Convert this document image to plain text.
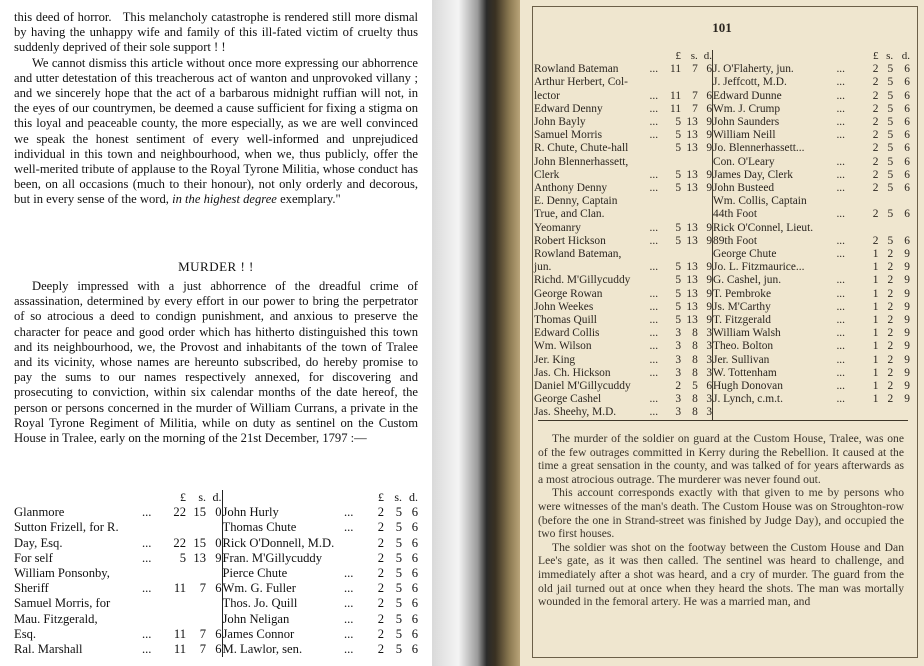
this deed of horror. This melancholy catastrophe is rendered still more dismal by having the unhappy wife and family of this ill-fated victim of cruelty thus suddenly deprived of their sole support ! !

We cannot dismiss this article without once more expressing our abhorrence and utter detestation of this treacherous act of wanton and unprovoked villany ; and we sincerely hope that the act of a barbarous midnight ruffian will not, in the eyes of our countrymen, be deemed a cause sufficient for fixing a stigma on this loyal and peaceable county, the more especially, as we are well convinced we speak the honest sentiment of every well-informed and unprejudiced individual in this town and neighbourhood, when we, thus publicly, offer the well-merited tribute of applause to the Royal Tyrone Militia, whose conduct has been, on all occasions (much to their honour), not only orderly and decorous, but in every sense of the word, in the highest degree exemplary."

MURDER ! !

Deeply impressed with a just abhorrence of the dreadful crime of assassination, determined by every effort in our power to bring the perpetrator of so atrocious a deed to condign punishment, and anxious to preserve the character for peace and good order which has hitherto distinguished this town and its neighbourhood, we, the Provost and inhabitants of the town of Tralee and its vicinity, whose names are hereunto subscribed, do hereby promise to pay the sums to our names respectively annexed, for discovering and prosecuting to conviction, within six calendar months of the date hereof, the person or persons concerned in the murder of William Currans, a private in the Royal Tyrone Regiment of Militia, while on duty as sentinel on the Custom House in Tralee, early on the morning of the 21st December, 1797 :—

		£	s.	d.			£	s.	d.
Glanmore	...	22	15	0	John Hurly	...	2	5	6
Sutton Frizell, for R.					Thomas Chute	...	2	5	6
Day, Esq.	...	22	15	0	Rick O'Donnell, M.D.		2	5	6
For self	...	5	13	9	Fran. M'Gillycuddy		2	5	6
William Ponsonby,					Pierce Chute	...	2	5	6
Sheriff	...	11	7	6	Wm. G. Fuller	...	2	5	6
Samuel Morris, for					Thos. Jo. Quill	...	2	5	6
Mau. Fitzgerald,					John Neligan	...	2	5	6
Esq.	...	11	7	6	James Connor	...	2	5	6
Ral. Marshall	...	11	7	6	M. Lawlor, sen.	...	2	5	6
101
		£	s.	d.			£	s.	d.
Rowland Bateman	...	11	7	6	J. O'Flaherty, jun.	...	2	5	6
Arthur Herbert, Col-					J. Jeffcott, M.D.	...	2	5	6
lector	...	11	7	6	Edward Dunne	...	2	5	6
Edward Denny	...	11	7	6	Wm. J. Crump	...	2	5	6
John Bayly	...	5	13	9	John Saunders	...	2	5	6
Samuel Morris	...	5	13	9	William Neill	...	2	5	6
R. Chute, Chute-hall		5	13	9	Jo. Blennerhassett...		2	5	6
John Blennerhassett,					Con. O'Leary	...	2	5	6
Clerk	...	5	13	9	James Day, Clerk	...	2	5	6
Anthony Denny	...	5	13	9	John Busteed	...	2	5	6
E. Denny, Captain					Wm. Collis, Captain				
True, and Clan.					44th Foot	...	2	5	6
Yeomanry	...	5	13	9	Rick O'Connel, Lieut.				
Robert Hickson	...	5	13	9	89th Foot	...	2	5	6
Rowland Bateman,					George Chute	...	1	2	9
jun.	...	5	13	9	Jo. L. Fitzmaurice...		1	2	9
Richd. M'Gillycuddy		5	13	9	G. Cashel, jun.	...	1	2	9
George Rowan	...	5	13	9	T. Pembroke	...	1	2	9
John Weekes	...	5	13	9	Js. M'Carthy	...	1	2	9
Thomas Quill	...	5	13	9	T. Fitzgerald	...	1	2	9
Edward Collis	...	3	8	3	William Walsh	...	1	2	9
Wm. Wilson	...	3	8	3	Theo. Bolton	...	1	2	9
Jer. King	...	3	8	3	Jer. Sullivan	...	1	2	9
Jas. Ch. Hickson	...	3	8	3	W. Tottenham	...	1	2	9
Daniel M'Gillycuddy		2	5	6	Hugh Donovan	...	1	2	9
George Cashel	...	3	8	3	J. Lynch, c.m.t.	...	1	2	9
Jas. Sheehy, M.D.	...	3	8	3					

The murder of the soldier on guard at the Custom House, Tralee, was one of the few outrages committed in Kerry during the Rebellion. It caused at the time a great sensation in the county, and was talked of for years afterwards as a most atrocious outrage. The murderer was never found out.

This account corresponds exactly with that given to me by persons who were witnesses of the man's death. The Custom House was on Stroughton-row (before the one in Strand-street was finished by Judge Day), and occupied the two first houses.

The soldier was shot on the footway between the Custom House and Dan Lee's gate, as it was then called. The sentinel was heard to challenge, and immediately after a shot was heard, and a cry of murder. The guard from the old jail turned out at once when they heard the shots. The man was mortally wounded in the femoral artery. He was a married man, and
